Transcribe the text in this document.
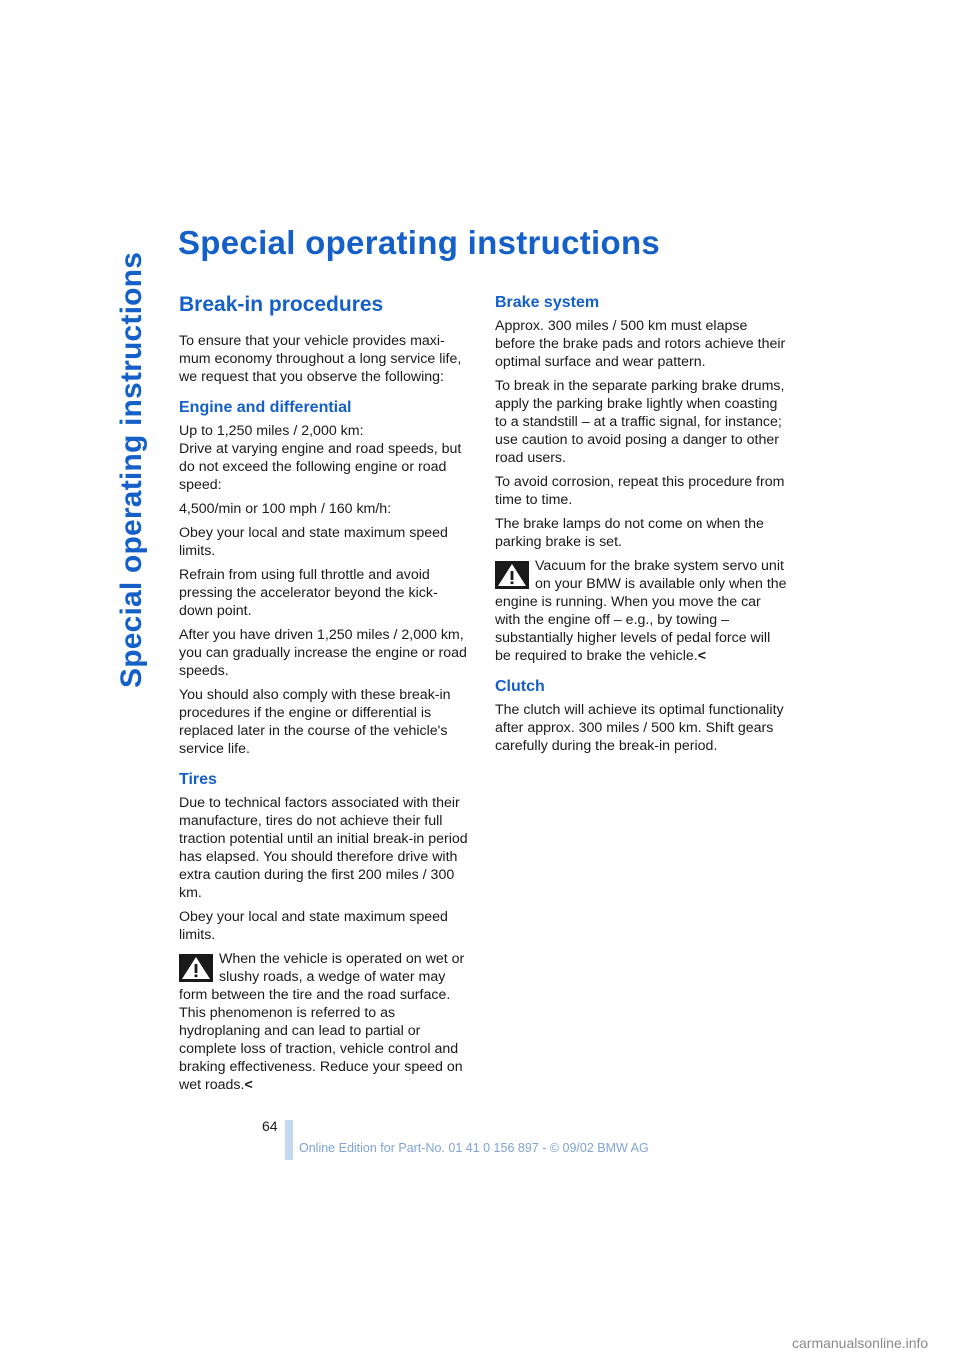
Special operating instructions
Special operating instructions
Break-in procedures

To ensure that your vehicle provides maximum economy throughout a long service life, we request that you observe the following:

Engine and differential

Up to 1,250 miles / 2,000 km:
Drive at varying engine and road speeds, but do not exceed the following engine or road speed:

4,500/min or 100 mph / 160 km/h:

Obey your local and state maximum speed limits.

Refrain from using full throttle and avoid pressing the accelerator beyond the kick-down point.

After you have driven 1,250 miles / 2,000 km, you can gradually increase the engine or road speeds.

You should also comply with these break-in procedures if the engine or differential is replaced later in the course of the vehicle's service life.

Tires

Due to technical factors associated with their manufacture, tires do not achieve their full traction potential until an initial break-in period has elapsed. You should therefore drive with extra caution during the first 200 miles / 300 km.

Obey your local and state maximum speed limits.

When the vehicle is operated on wet or slushy roads, a wedge of water may form between the tire and the road surface. This phenomenon is referred to as hydroplaning and can lead to partial or complete loss of traction, vehicle control and braking effectiveness. Reduce your speed on wet roads.<
Brake system

Approx. 300 miles / 500 km must elapse before the brake pads and rotors achieve their optimal surface and wear pattern.

To break in the separate parking brake drums, apply the parking brake lightly when coasting to a standstill – at a traffic signal, for instance; use caution to avoid posing a danger to other road users.

To avoid corrosion, repeat this procedure from time to time.

The brake lamps do not come on when the parking brake is set.

Vacuum for the brake system servo unit on your BMW is available only when the engine is running. When you move the car with the engine off – e.g., by towing – substantially higher levels of pedal force will be required to brake the vehicle.<
Clutch

The clutch will achieve its optimal functionality after approx. 300 miles / 500 km. Shift gears carefully during the break-in period.

64
Online Edition for Part-No. 01 41 0 156 897 - © 09/02 BMW AG
carmanualsonline.info
